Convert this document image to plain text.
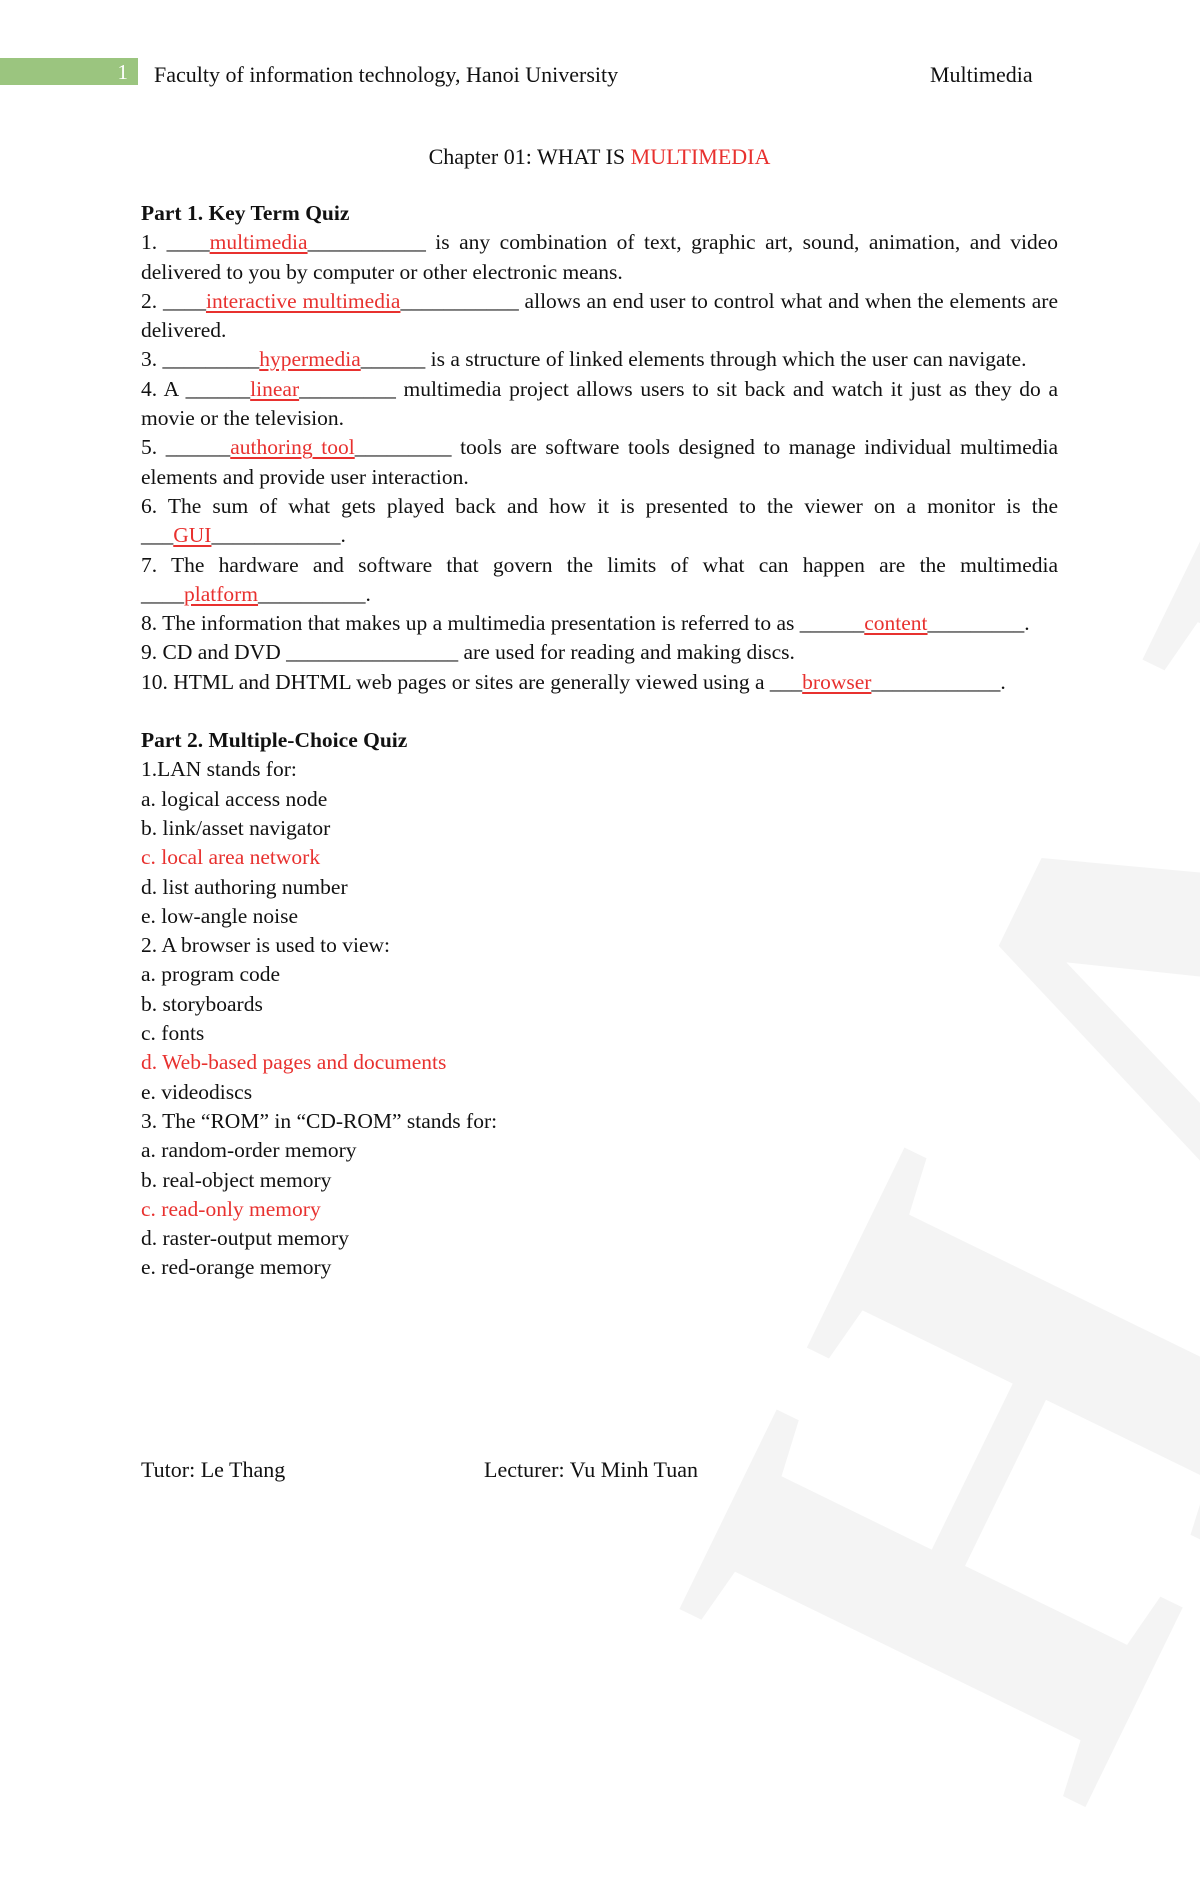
1 Faculty of information technology, Hanoi University	Multimedia
Chapter 01: WHAT IS MULTIMEDIA
Part 1. Key Term Quiz
1. ____multimedia___________ is any combination of text, graphic art, sound, animation, and video delivered to you by computer or other electronic means.
2. ____interactive multimedia___________ allows an end user to control what and when the elements are delivered.
3. _________hypermedia______ is a structure of linked elements through which the user can navigate.
4. A ______linear_________ multimedia project allows users to sit back and watch it just as they do a movie or the television.
5. ______authoring tool_________ tools are software tools designed to manage individual multimedia elements and provide user interaction.
6. The sum of what gets played back and how it is presented to the viewer on a monitor is the ___GUI____________.
7. The hardware and software that govern the limits of what can happen are the multimedia ____platform__________.
8. The information that makes up a multimedia presentation is referred to as ______content_________.
9. CD and DVD ________________ are used for reading and making discs.
10. HTML and DHTML web pages or sites are generally viewed using a ___browser____________.
Part 2. Multiple-Choice Quiz
1.LAN stands for:
a. logical access node
b. link/asset navigator
c. local area network
d. list authoring number
e. low-angle noise
2. A browser is used to view:
a. program code
b. storyboards
c. fonts
d. Web-based pages and documents
e. videodiscs
3. The “ROM” in “CD-ROM” stands for:
a. random-order memory
b. real-object memory
c. read-only memory
d. raster-output memory
e. red-orange memory
Tutor: Le Thang	Lecturer: Vu Minh Tuan
